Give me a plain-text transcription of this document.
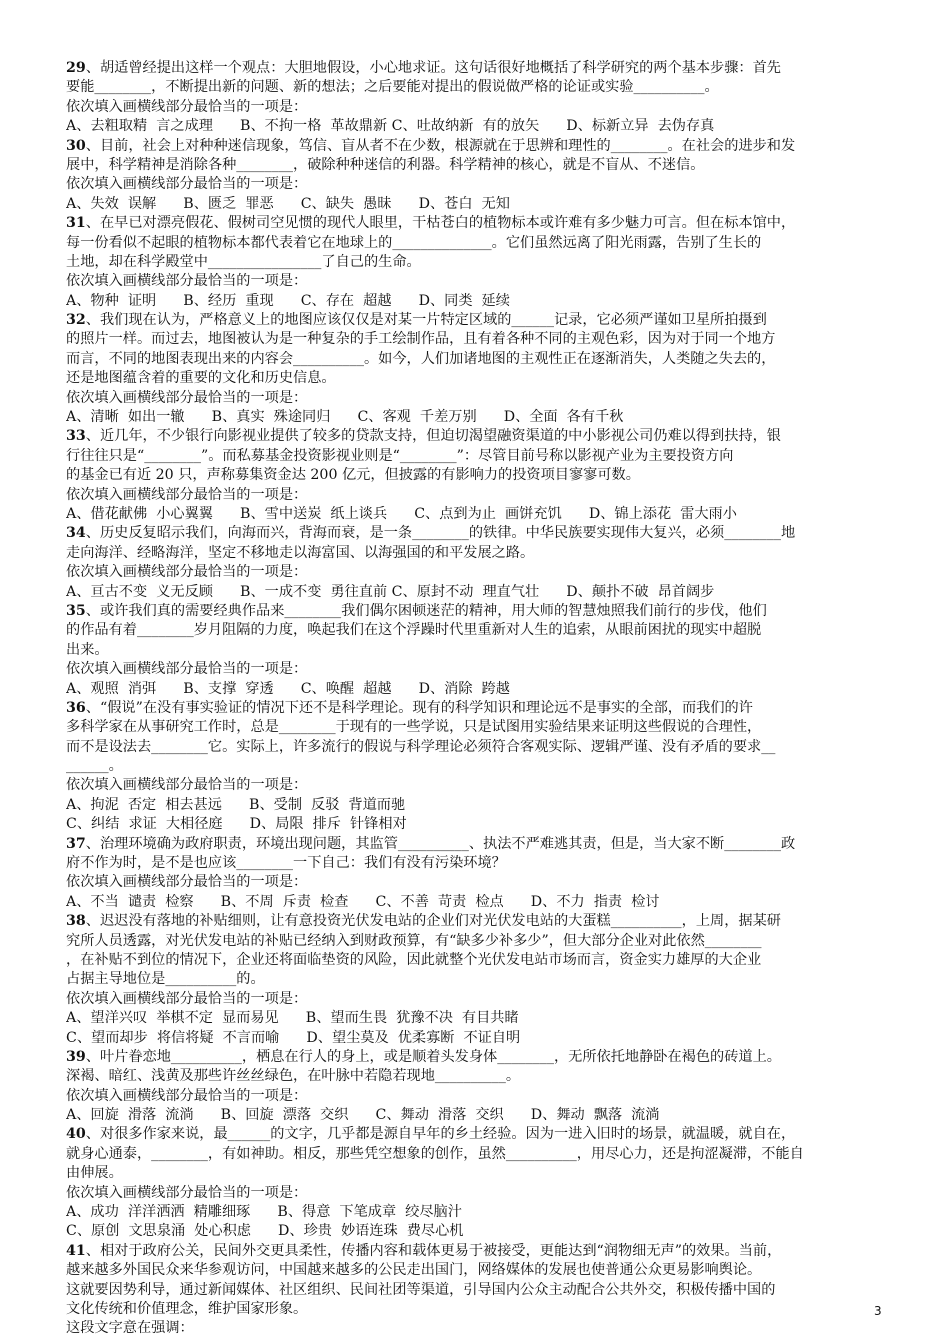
29、胡适曾经提出这样一个观点：大胆地假设，小心地求证。这句话很好地概括了科学研究的两个基本步骤：首先
要能________，不断提出新的问题、新的想法；之后要能对提出的假说做严格的论证或实验__________。
依次填入画横线部分最恰当的一项是：
A、去粗取精  言之成理      B、不拘一格  革故鼎新 C、吐故纳新  有的放矢      D、标新立异  去伪存真
30、目前，社会上对种种迷信现象，笃信、盲从者不在少数，根源就在于思辨和理性的________。在社会的进步和发
展中，科学精神是消除各种________，破除种种迷信的利器。科学精神的核心，就是不盲从、不迷信。
依次填入画横线部分最恰当的一项是：
A、失效  误解      B、匮乏  罪恶      C、缺失  愚昧      D、苍白  无知
31、在早已对漂亮假花、假树司空见惯的现代人眼里，干枯苍白的植物标本或许难有多少魅力可言。但在标本馆中，
每一份看似不起眼的植物标本都代表着它在地球上的______________。它们虽然远离了阳光雨露，告别了生长的
土地，却在科学殿堂中________________了自己的生命。
依次填入画横线部分最恰当的一项是：
A、物种  证明      B、经历  重现      C、存在  超越      D、同类  延续
32、我们现在认为，严格意义上的地图应该仅仅是对某一片特定区域的______记录，它必须严谨如卫星所拍摄到
的照片一样。而过去，地图被认为是一种复杂的手工绘制作品，且有着各种不同的主观色彩，因为对于同一个地方
而言，不同的地图表现出来的内容会__________。如今，人们加诸地图的主观性正在逐渐消失，人类随之失去的，
还是地图蕴含着的重要的文化和历史信息。
依次填入画横线部分最恰当的一项是：
A、清晰  如出一辙      B、真实  殊途同归      C、客观  千差万别      D、全面  各有千秋
33、近几年，不少银行向影视业提供了较多的贷款支持，但迫切渴望融资渠道的中小影视公司仍难以得到扶持，银
行往往只是“________”。而私募基金投资影视业则是“________”：尽管目前号称以影视产业为主要投资方向
的基金已有近 20 只，声称募集资金达 200 亿元，但披露的有影响力的投资项目寥寥可数。
依次填入画横线部分最恰当的一项是：
A、借花献佛  小心翼翼      B、雪中送炭  纸上谈兵      C、点到为止  画饼充饥      D、锦上添花  雷大雨小
34、历史反复昭示我们，向海而兴，背海而衰，是一条________的铁律。中华民族要实现伟大复兴，必须________地
走向海洋、经略海洋，坚定不移地走以海富国、以海强国的和平发展之路。
依次填入画横线部分最恰当的一项是：
A、亘古不变  义无反顾      B、一成不变  勇往直前 C、原封不动  理直气壮      D、颠扑不破  昂首阔步
35、或许我们真的需要经典作品来________我们偶尔困顿迷茫的精神，用大师的智慧烛照我们前行的步伐，他们
的作品有着________岁月阻隔的力度，唤起我们在这个浮躁时代里重新对人生的追索，从眼前困扰的现实中超脱
出来。
依次填入画横线部分最恰当的一项是：
A、观照  消弭      B、支撑  穿透      C、唤醒  超越      D、消除  跨越
36、“假说”在没有事实验证的情况下还不是科学理论。现有的科学知识和理论远不是事实的全部，而我们的许
多科学家在从事研究工作时，总是________于现有的一些学说，只是试图用实验结果来证明这些假说的合理性，
而不是设法去________它。实际上，许多流行的假说与科学理论必须符合客观实际、逻辑严谨、没有矛盾的要求__
______。
依次填入画横线部分最恰当的一项是：
A、拘泥  否定  相去甚远      B、受制  反驳  背道而驰
C、纠结  求证  大相径庭      D、局限  排斥  针锋相对
37、治理环境确为政府职责，环境出现问题，其监管__________、执法不严难逃其责，但是，当大家不断________政
府不作为时，是不是也应该________一下自己：我们有没有污染环境？
依次填入画横线部分最恰当的一项是：
A、不当  谴责  检察      B、不周  斥责  检查      C、不善  苛责  检点      D、不力  指责  检讨
38、迟迟没有落地的补贴细则，让有意投资光伏发电站的企业们对光伏发电站的大蛋糕__________，上周，据某研
究所人员透露，对光伏发电站的补贴已经纳入到财政预算，有“缺多少补多少”，但大部分企业对此依然________
，在补贴不到位的情况下，企业还将面临垫资的风险，因此就整个光伏发电站市场而言，资金实力雄厚的大企业
占据主导地位是__________的。
依次填入画横线部分最恰当的一项是：
A、望洋兴叹  举棋不定  显而易见      B、望而生畏  犹豫不决  有目共睹
C、望而却步  将信将疑  不言而喻      D、望尘莫及  优柔寡断  不证自明
39、叶片眷恋地__________，栖息在行人的身上，或是顺着头发身体________，无所依托地静卧在褐色的砖道上。
深褐、暗红、浅黄及那些许丝丝绿色，在叶脉中若隐若现地__________。
依次填入画横线部分最恰当的一项是：
A、回旋  滑落  流淌      B、回旋  漂落  交织      C、舞动  滑落  交织      D、舞动  飘落  流淌
40、对很多作家来说，最______的文字，几乎都是源自早年的乡土经验。因为一进入旧时的场景，就温暖，就自在，
就身心通泰，________，有如神助。相反，那些凭空想象的创作，虽然__________，用尽心力，还是拘涩凝滞，不能自
由伸展。
依次填入画横线部分最恰当的一项是：
A、成功  洋洋洒洒  精雕细琢      B、得意  下笔成章  绞尽脑汁
C、原创  文思泉涌  处心积虑      D、珍贵  妙语连珠  费尽心机
41、相对于政府公关，民间外交更具柔性，传播内容和载体更易于被接受，更能达到“润物细无声”的效果。当前，
越来越多外国民众来华参观访问，中国越来越多的公民走出国门，网络媒体的发展也使普通公众更易影响舆论。
这就要因势利导，通过新闻媒体、社区组织、民间社团等渠道，引导国内公众主动配合公共外交，积极传播中国的
文化传统和价值理念，维护国家形象。
这段文字意在强调：
3
